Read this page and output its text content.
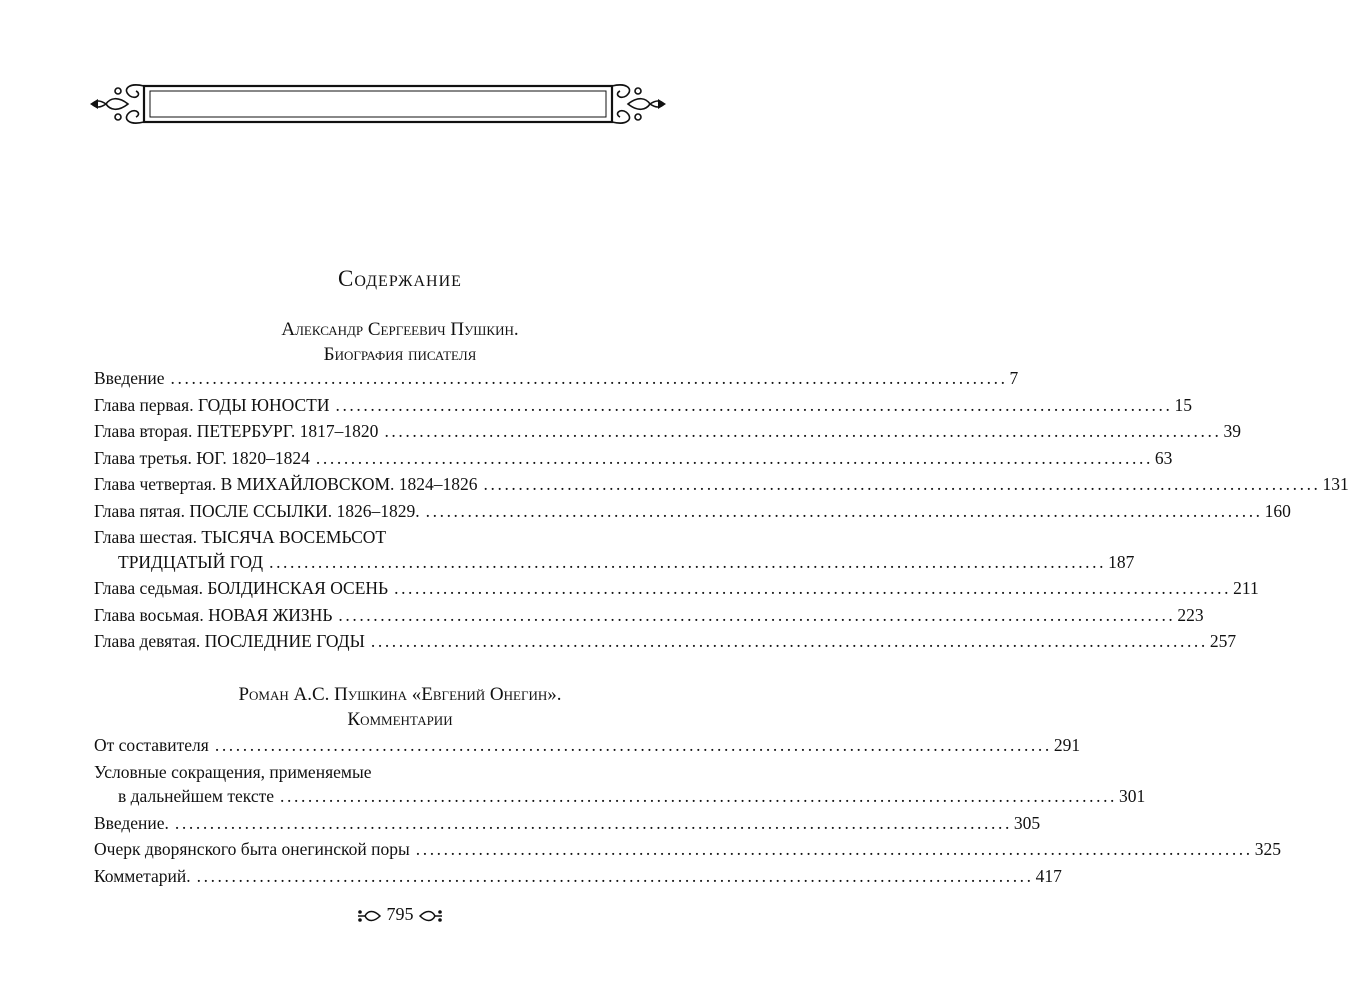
Содержание
Александр Сергеевич Пушкин.
Биография писателя
Введение ........................................................................................................................ 7
Глава первая. ГОДЫ ЮНОСТИ ........................................................................................................................ 15
Глава вторая. ПЕТЕРБУРГ. 1817–1820 ........................................................................................................................ 39
Глава третья. ЮГ. 1820–1824 ........................................................................................................................ 63
Глава четвертая. В МИХАЙЛОВСКОМ. 1824–1826 ........................................................................................................................ 131
Глава пятая. ПОСЛЕ ССЫЛКИ. 1826–1829. ........................................................................................................................ 160
Глава шестая. ТЫСЯЧА ВОСЕМЬСОТ
ТРИДЦАТЫЙ ГОД ........................................................................................................................ 187
Глава седьмая. БОЛДИНСКАЯ ОСЕНЬ ........................................................................................................................ 211
Глава восьмая. НОВАЯ ЖИЗНЬ ........................................................................................................................ 223
Глава девятая. ПОСЛЕДНИЕ ГОДЫ ........................................................................................................................ 257
Роман А.С. Пушкина «Евгений Онегин».
Комментарии
От составителя ........................................................................................................................ 291
Условные сокращения, применяемые
в дальнейшем тексте ........................................................................................................................ 301
Введение. ........................................................................................................................ 305
Очерк дворянского быта онегинской поры ........................................................................................................................ 325
Комметарий. ........................................................................................................................ 417
795
